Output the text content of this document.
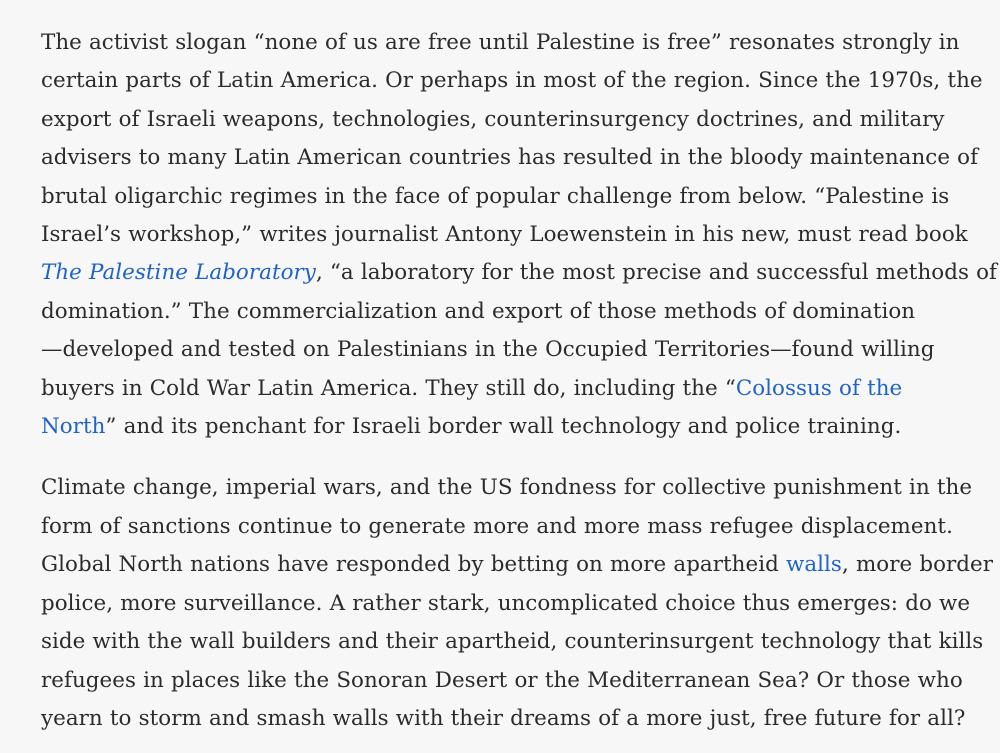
The activist slogan “none of us are free until Palestine is free” resonates strongly in
certain parts of Latin America. Or perhaps in most of the region. Since the 1970s, the
export of Israeli weapons, technologies, counterinsurgency doctrines, and military
advisers to many Latin American countries has resulted in the bloody maintenance of
brutal oligarchic regimes in the face of popular challenge from below. “Palestine is
Israel’s workshop,” writes journalist Antony Loewenstein in his new, must read book
The Palestine Laboratory, “a laboratory for the most precise and successful methods of
domination.” The commercialization and export of those methods of domination
—developed and tested on Palestinians in the Occupied Territories—found willing
buyers in Cold War Latin America. They still do, including the “Colossus of the
North” and its penchant for Israeli border wall technology and police training.

Climate change, imperial wars, and the US fondness for collective punishment in the
form of sanctions continue to generate more and more mass refugee displacement.
Global North nations have responded by betting on more apartheid walls, more border
police, more surveillance. A rather stark, uncomplicated choice thus emerges: do we
side with the wall builders and their apartheid, counterinsurgent technology that kills
refugees in places like the Sonoran Desert or the Mediterranean Sea? Or those who
yearn to storm and smash walls with their dreams of a more just, free future for all?
